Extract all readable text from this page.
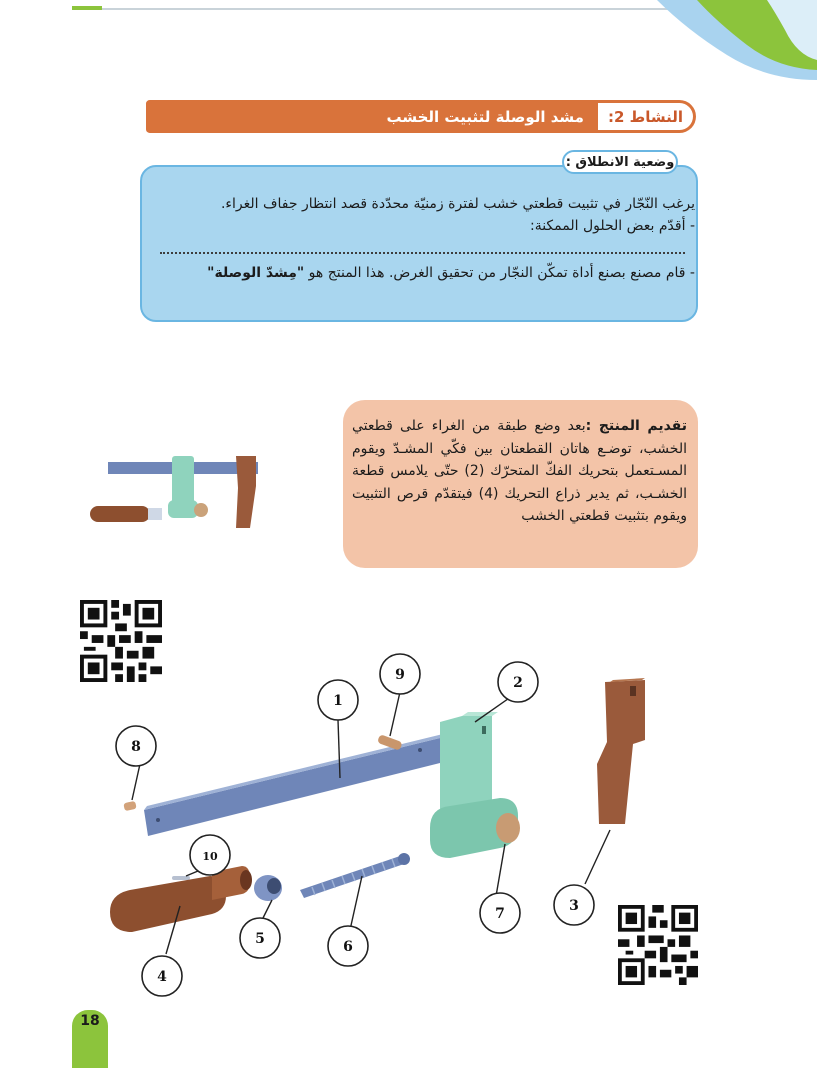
النشاط 2:
مشد الوصلة لتثبيت الخشب
وضعية الانطلاق :
يرغب النّجّار في تثبيت قطعتي خشب لفترة زمنيّة محدّدة قصد انتظار جفاف الغراء.
- أقدّم بعض الحلول الممكنة:
- قام مصنع بصنع أداة تمكّن النجّار من تحقيق الغرض. هذا المنتج هو "مِشدّ الوصلة"
تقديم المنتج :بعد وضع طبقة من الغراء على قطعتي الخشب، توضـع هاتان القطعتان بين فكّي المشـدّ ويقوم المسـتعمل بتحريك الفكّ المتحرّك (2) حتّى يلامس قطعة الخشـب، ثم يدير ذراع التحريك (4) فيتقدّم قرص التثبيت ويقوم بتثبيت قطعتي الخشب
1
2
3
4
5	6
7
8
9
10
18
